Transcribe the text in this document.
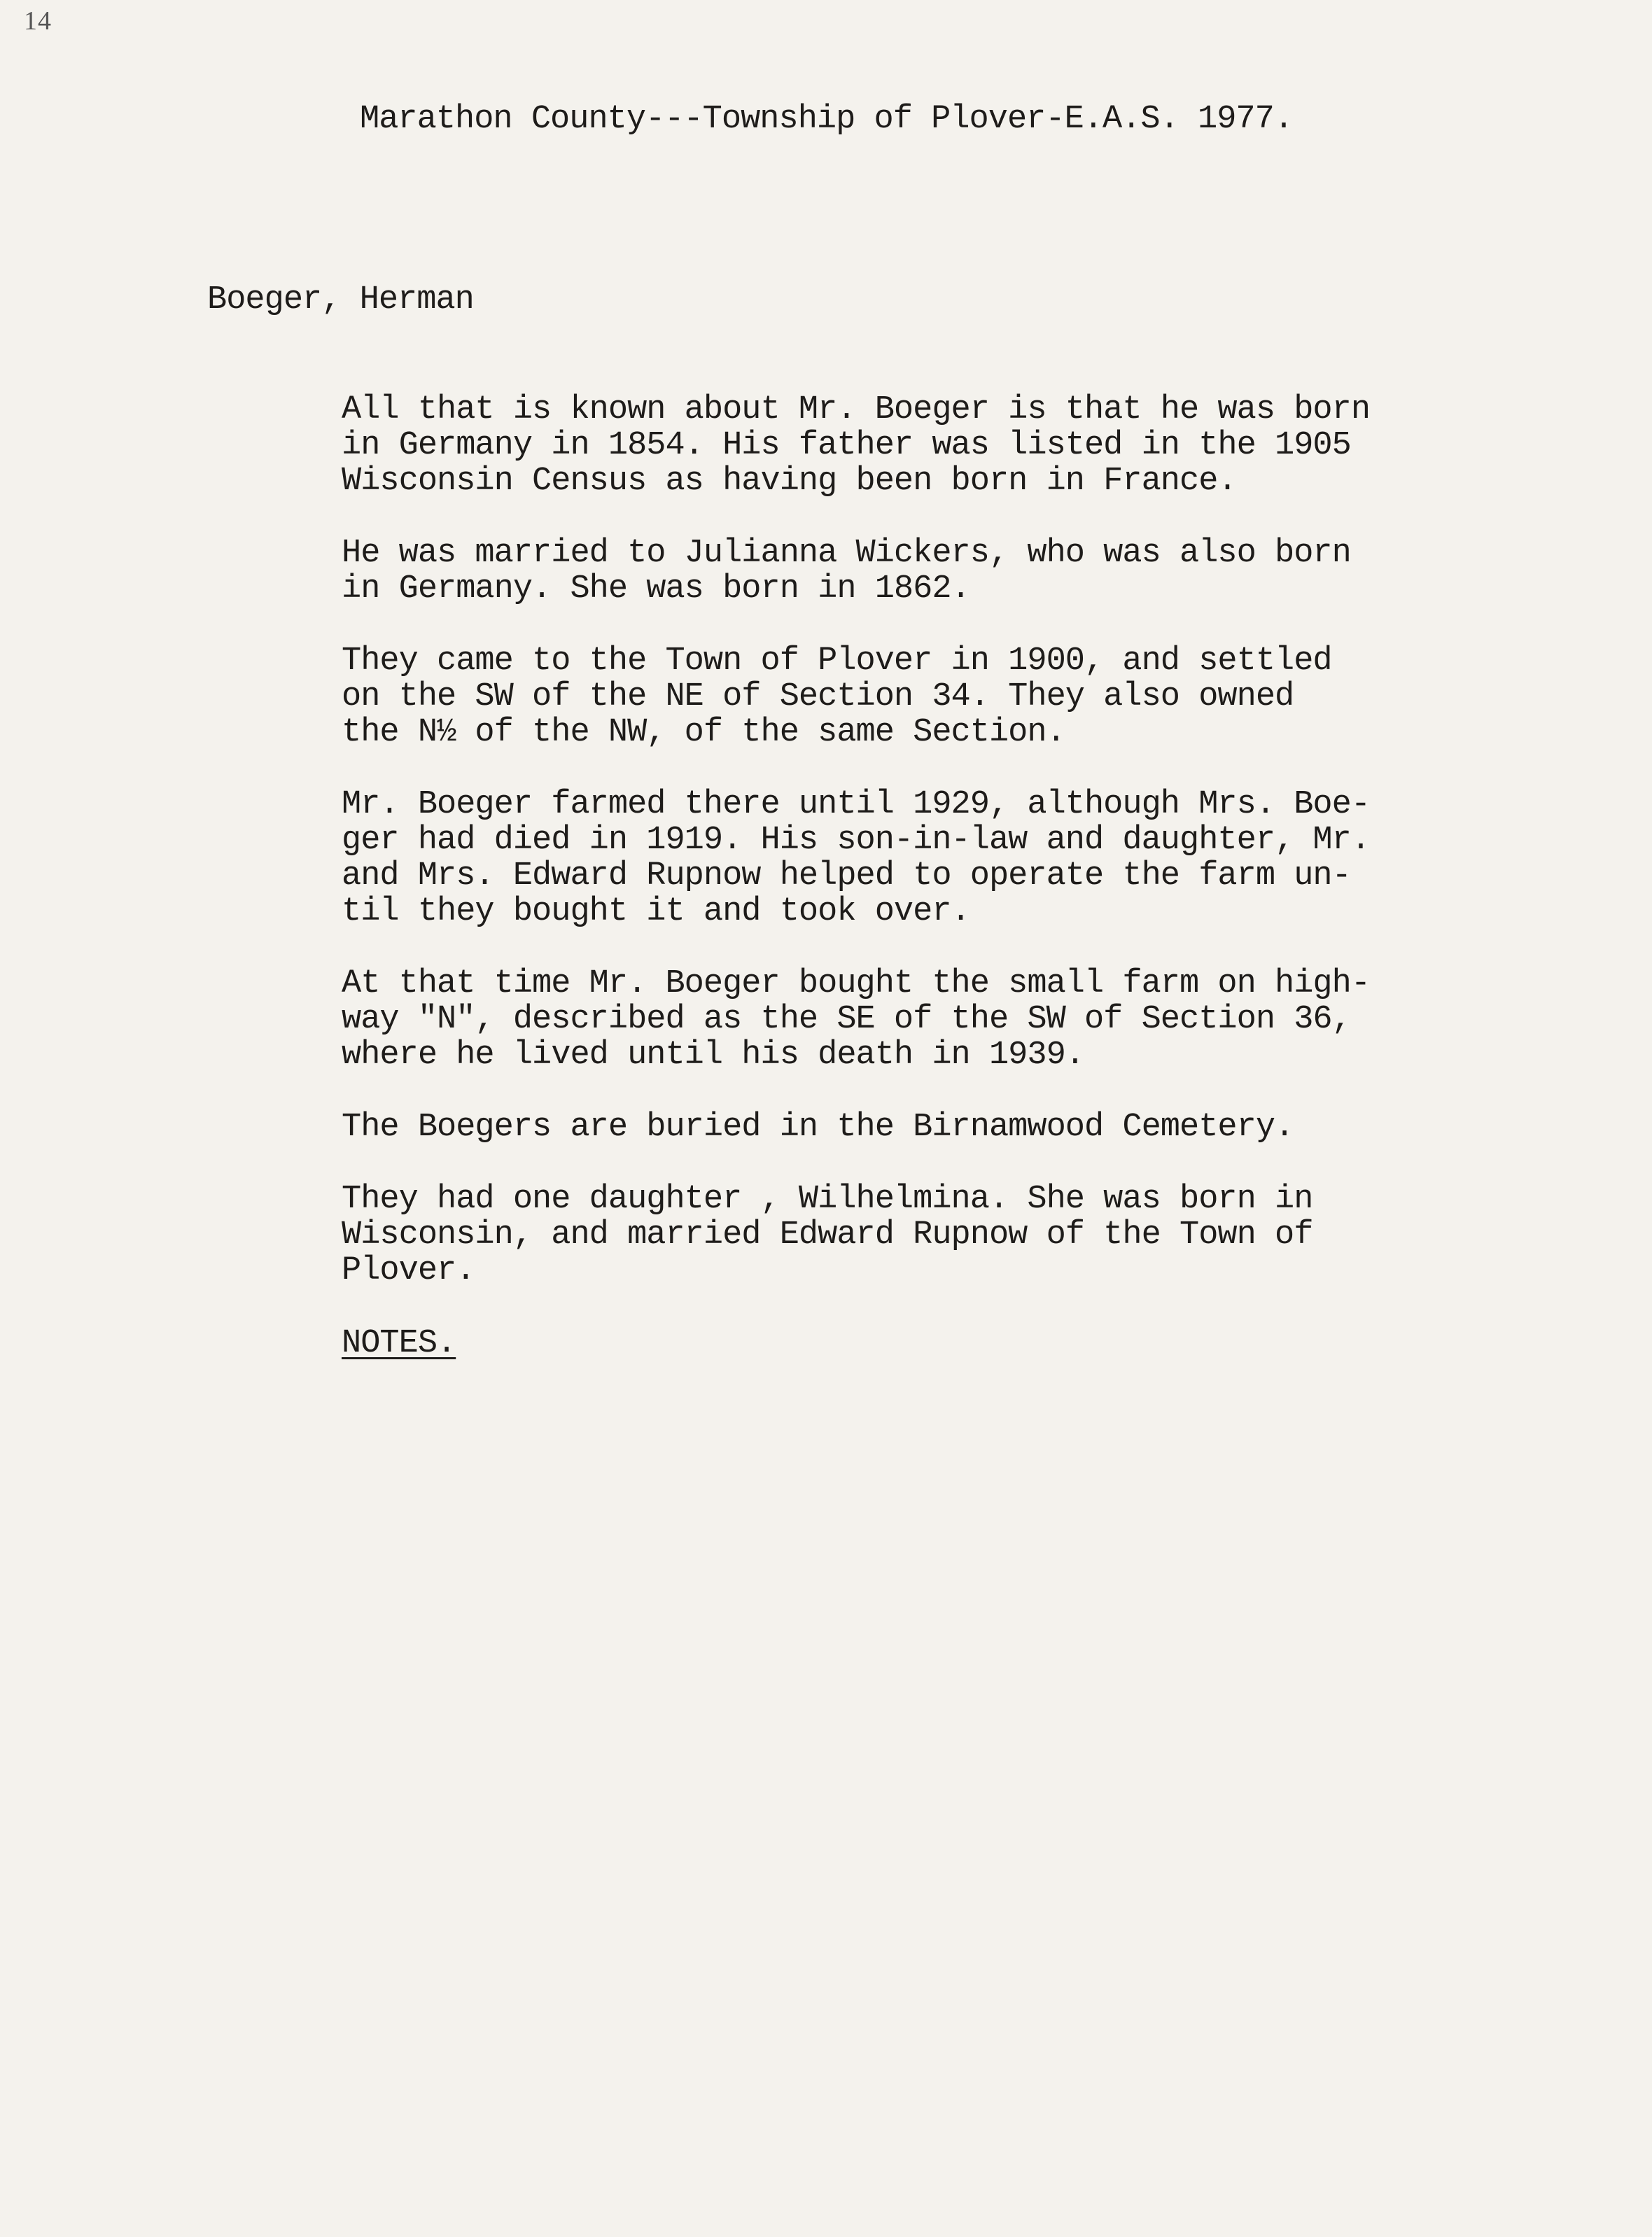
14
Marathon County---Township of Plover-E.A.S. 1977.
Boeger, Herman
All that is known about Mr. Boeger is that he was born
in Germany in 1854. His father was listed in the 1905
Wisconsin Census as having been born in France.
He was married to Julianna Wickers, who was also born
in Germany. She was born in 1862.
They came to the Town of Plover in 1900, and settled
on the SW of the NE of Section 34. They also owned
the N½ of the NW, of the same Section.
Mr. Boeger farmed there until 1929, although Mrs. Boe-
ger had died in 1919. His son-in-law and daughter, Mr.
and Mrs. Edward Rupnow helped to operate the farm un-
til they bought it and took over.
At that time Mr. Boeger bought the small farm on high-
way "N", described as the SE of the SW of Section 36,
where he lived until his death in 1939.
The Boegers are buried in the Birnamwood Cemetery.
They had one daughter , Wilhelmina. She was born in
Wisconsin, and married Edward Rupnow of the Town of
Plover.
NOTES.
